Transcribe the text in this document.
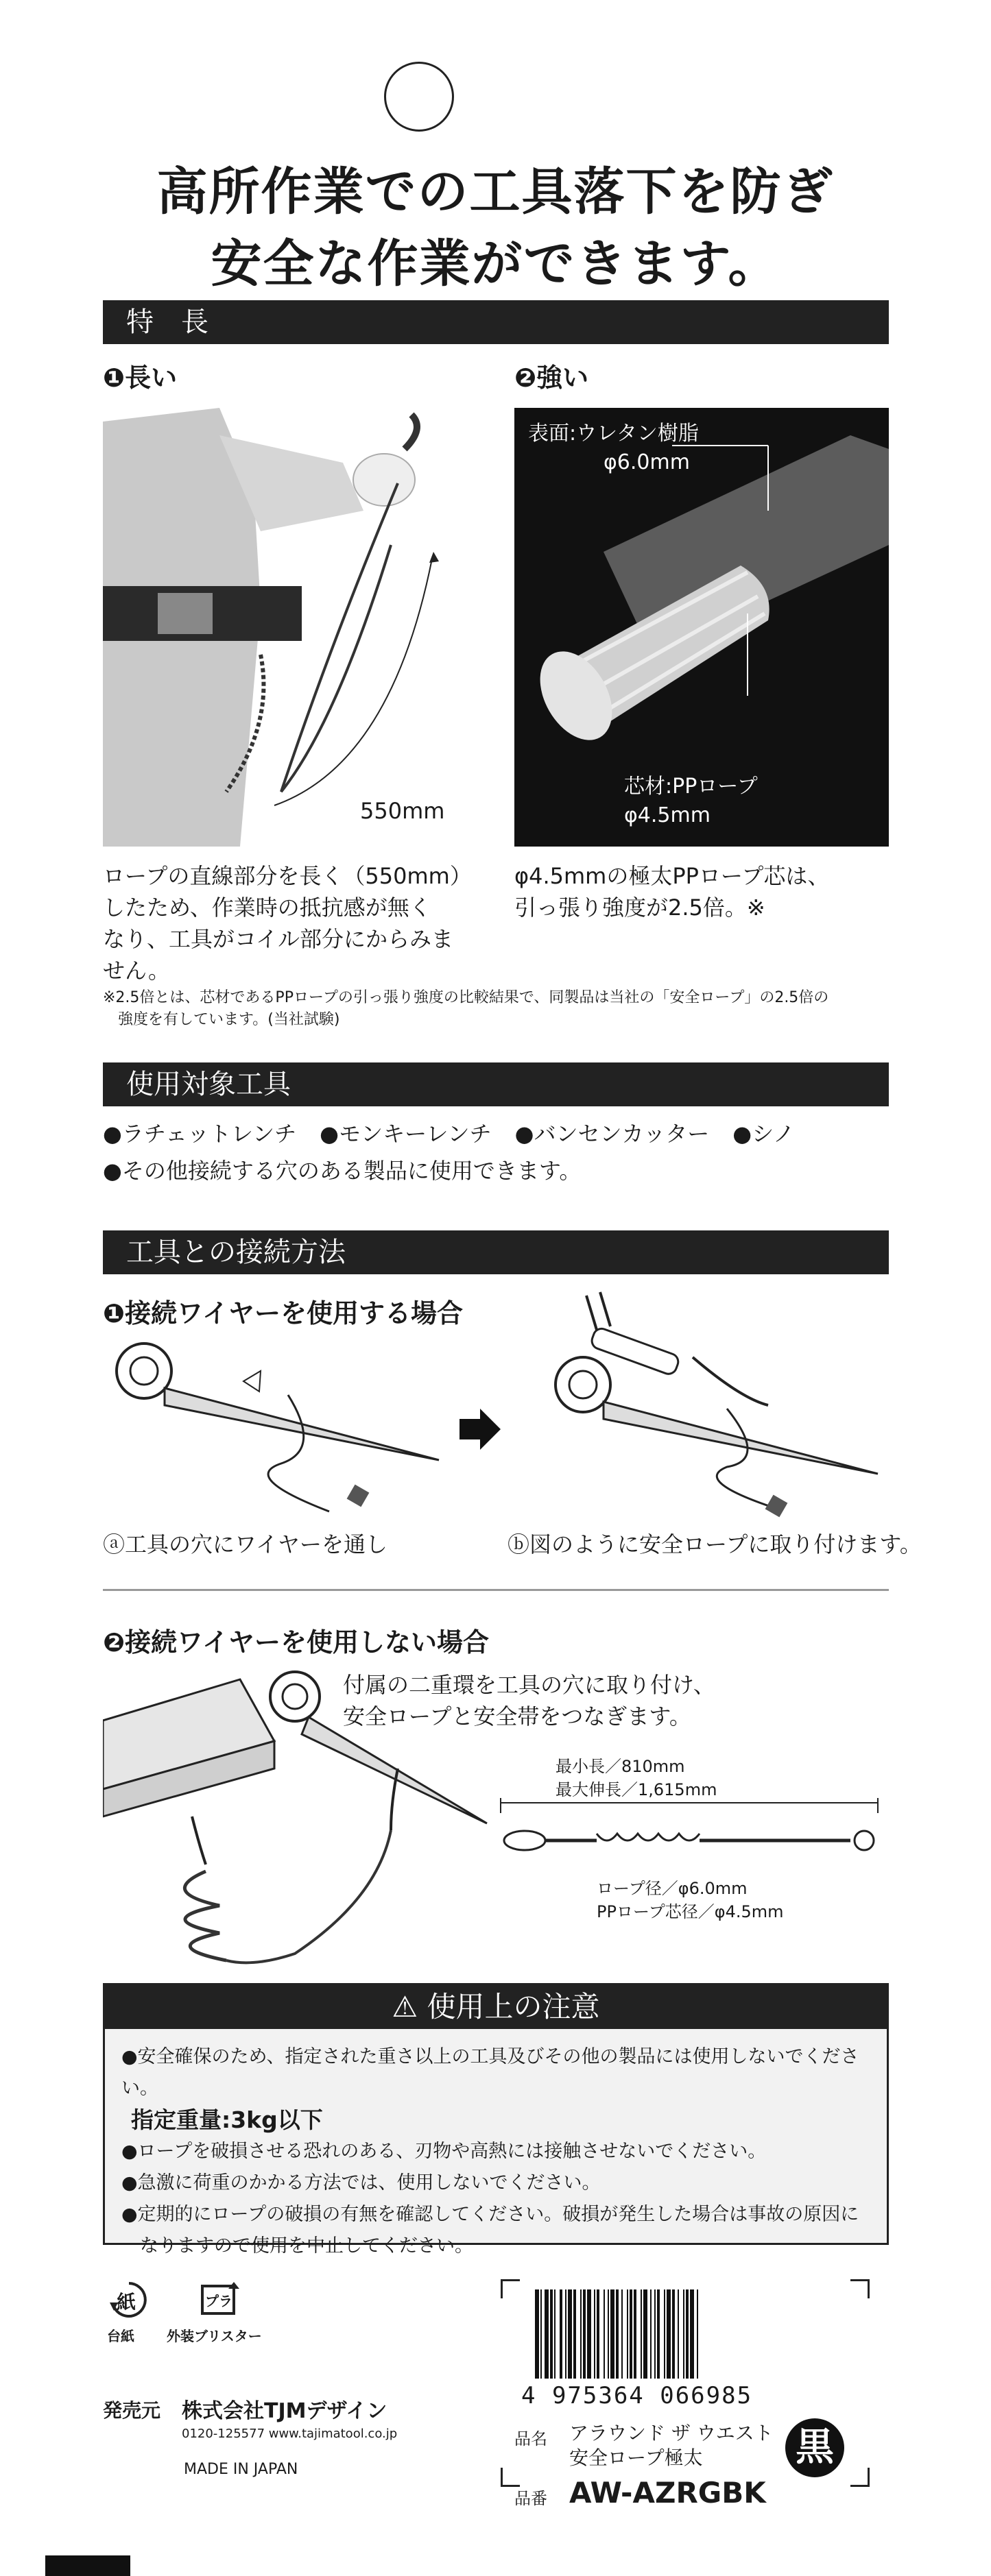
高所作業での工具落下を防ぎ
安全な作業ができます。
特　長
❶長い
550mm
ロープの直線部分を長く（550mm）
したため、作業時の抵抗感が無く
なり、工具がコイル部分にからみま
せん。
❷強い
表面:ウレタン樹脂
φ6.0mm
芯材:PPロープ
φ4.5mm
φ4.5mmの極太PPロープ芯は、
引っ張り強度が2.5倍。※
※2.5倍とは、芯材であるPPロープの引っ張り強度の比較結果で、同製品は当社の「安全ロープ」の2.5倍の
強度を有しています。(当社試験)
使用対象工具
●ラチェットレンチ ●モンキーレンチ ●バンセンカッター ●シノ
●その他接続する穴のある製品に使用できます。
工具との接続方法
❶接続ワイヤーを使用する場合
ⓐ工具の穴にワイヤーを通し	ⓑ図のように安全ロープに取り付けます。
❷接続ワイヤーを使用しない場合
付属の二重環を工具の穴に取り付け、
安全ロープと安全帯をつなぎます。
最小長／810mm
最大伸長／1,615mm
ロープ径／φ6.0mm
PPロープ芯径／φ4.5mm
⚠ 使用上の注意
●安全確保のため、指定された重さ以上の工具及びその他の製品には使用しないでください。
指定重量:3kg以下
●ロープを破損させる恐れのある、刃物や高熱には接触させないでください。
●急激に荷重のかかる方法では、使用しないでください。
●定期的にロープの破損の有無を確認してください。破損が発生した場合は事故の原因に
　なりますので使用を中止してください。
紙
台紙
プラ
外装ブリスター
発売元 株式会社TJMデザイン
0120-125577 www.tajimatool.co.jp
MADE IN JAPAN
4 975364 066985
品名 アラウンド ザ ウエスト
安全ロープ極太	黒
品番 AW-AZRGBK
